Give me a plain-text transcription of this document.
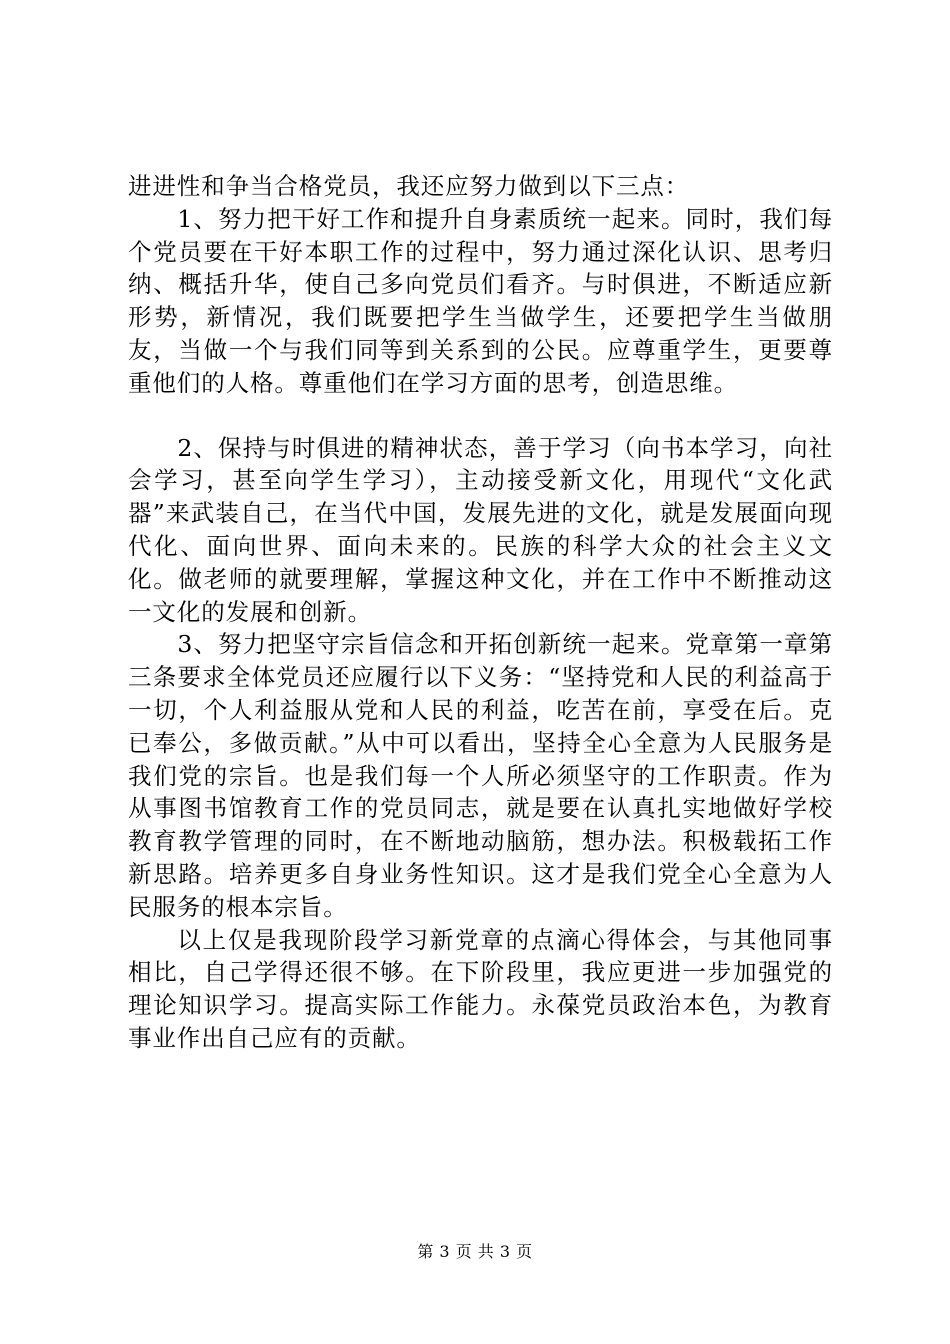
进进性和争当合格党员，我还应努力做到以下三点：

1、努力把干好工作和提升自身素质统一起来。同时，我们每个党员要在干好本职工作的过程中，努力通过深化认识、思考归纳、概括升华，使自己多向党员们看齐。与时俱进，不断适应新形势，新情况，我们既要把学生当做学生，还要把学生当做朋友，当做一个与我们同等到关系到的公民。应尊重学生，更要尊重他们的人格。尊重他们在学习方面的思考，创造思维。

2、保持与时俱进的精神状态，善于学习（向书本学习，向社会学习，甚至向学生学习），主动接受新文化，用现代“文化武器”来武装自己，在当代中国，发展先进的文化，就是发展面向现代化、面向世界、面向未来的。民族的科学大众的社会主义文化。做老师的就要理解，掌握这种文化，并在工作中不断推动这一文化的发展和创新。

3、努力把坚守宗旨信念和开拓创新统一起来。党章第一章第三条要求全体党员还应履行以下义务：“坚持党和人民的利益高于一切，个人利益服从党和人民的利益，吃苦在前，享受在后。克已奉公，多做贡献。”从中可以看出，坚持全心全意为人民服务是我们党的宗旨。也是我们每一个人所必须坚守的工作职责。作为从事图书馆教育工作的党员同志，就是要在认真扎实地做好学校教育教学管理的同时，在不断地动脑筋，想办法。积极载拓工作新思路。培养更多自身业务性知识。这才是我们党全心全意为人民服务的根本宗旨。

以上仅是我现阶段学习新党章的点滴心得体会，与其他同事相比，自己学得还很不够。在下阶段里，我应更进一步加强党的理论知识学习。提高实际工作能力。永葆党员政治本色，为教育事业作出自己应有的贡献。

第 3 页 共 3 页
